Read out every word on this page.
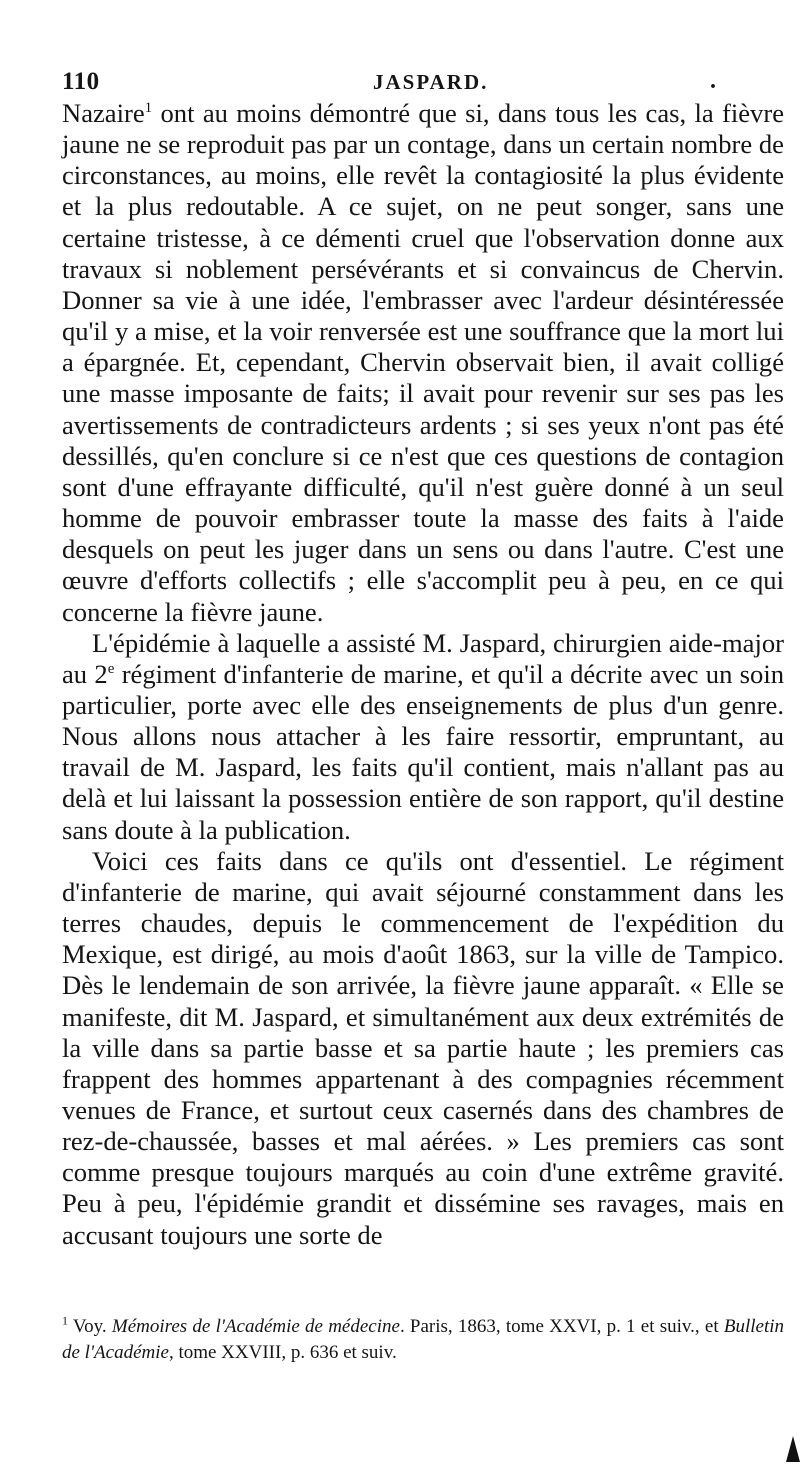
110	JASPARD.	.

Nazaire$^1$ ont au moins démontré que si, dans tous les cas, la fièvre jaune ne se reproduit pas par un contage, dans un certain nombre de circonstances, au moins, elle revêt la contagiosité la plus évidente et la plus redoutable. A ce sujet, on ne peut songer, sans une certaine tristesse, à ce démenti cruel que l'observation donne aux travaux si noblement persévérants et si convaincus de Chervin. Donner sa vie à une idée, l'embrasser avec l'ardeur désintéressée qu'il y a mise, et la voir renversée est une souffrance que la mort lui a épargnée. Et, cependant, Chervin observait bien, il avait colligé une masse imposante de faits; il avait pour revenir sur ses pas les avertissements de contradicteurs ardents ; si ses yeux n'ont pas été dessillés, qu'en conclure si ce n'est que ces questions de contagion sont d'une effrayante difficulté, qu'il n'est guère donné à un seul homme de pouvoir embrasser toute la masse des faits à l'aide desquels on peut les juger dans un sens ou dans l'autre. C'est une œuvre d'efforts collectifs ; elle s'accomplit peu à peu, en ce qui concerne la fièvre jaune.

L'épidémie à laquelle a assisté M. Jaspard, chirurgien aide-major au 2e régiment d'infanterie de marine, et qu'il a décrite avec un soin particulier, porte avec elle des enseignements de plus d'un genre. Nous allons nous attacher à les faire ressortir, empruntant, au travail de M. Jaspard, les faits qu'il contient, mais n'allant pas au delà et lui laissant la possession entière de son rapport, qu'il destine sans doute à la publication.

Voici ces faits dans ce qu'ils ont d'essentiel. Le régiment d'infanterie de marine, qui avait séjourné constamment dans les terres chaudes, depuis le commencement de l'expédition du Mexique, est dirigé, au mois d'août 1863, sur la ville de Tampico. Dès le lendemain de son arrivée, la fièvre jaune apparaît. « Elle se manifeste, dit M. Jaspard, et simultanément aux deux extrémités de la ville dans sa partie basse et sa partie haute ; les premiers cas frappent des hommes appartenant à des compagnies récemment venues de France, et surtout ceux casernés dans des chambres de rez-de-chaussée, basses et mal aérées. » Les premiers cas sont comme presque toujours marqués au coin d'une extrême gravité. Peu à peu, l'épidémie grandit et dissémine ses ravages, mais en accusant toujours une sorte de

$^1$ Voy. Mémoires de l'Académie de médecine. Paris, 1863, tome XXVI, p. 1 et suiv., et Bulletin de l'Académie, tome XXVIII, p. 636 et suiv.
